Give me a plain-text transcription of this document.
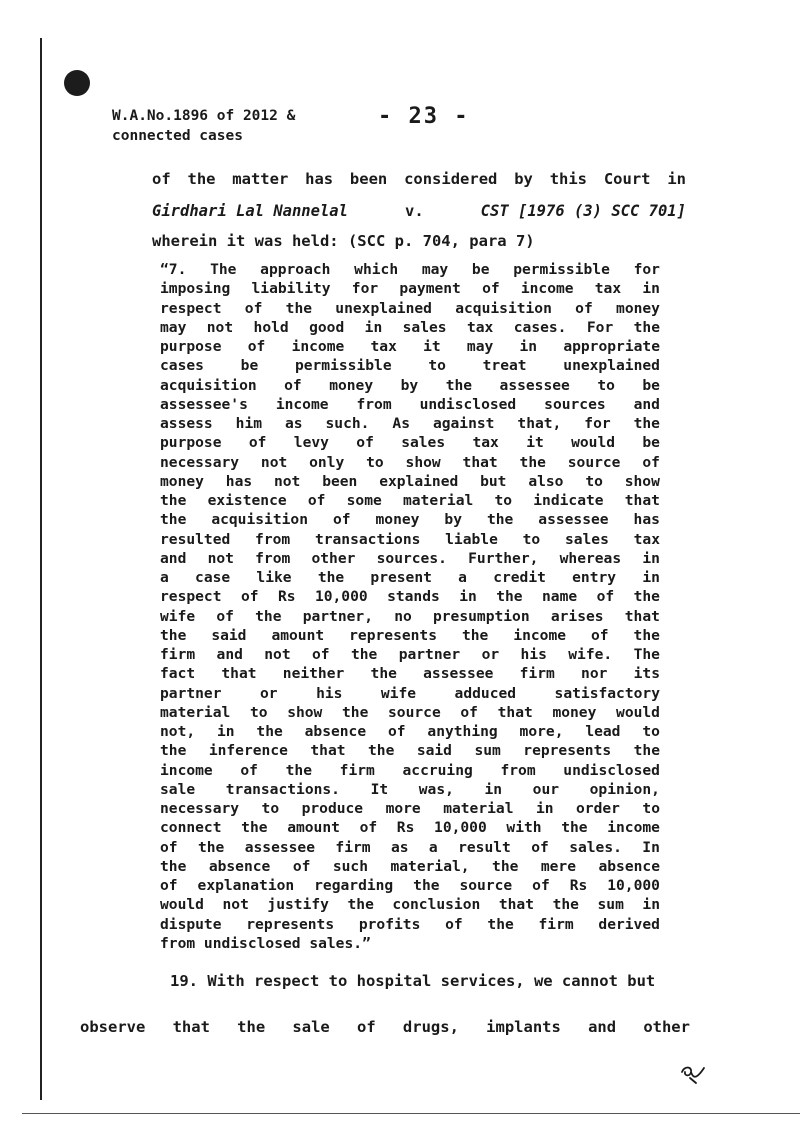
W.A.No.1896 of 2012 &
connected cases
- 23 -
of the matter has been considered by this Court in
Girdhari Lal Nannelal	v.	CST [1976 (3) SCC 701]
wherein it was held: (SCC p. 704, para 7)
“7. The approach which may be permissible for
imposing liability for payment of income tax in
respect of the unexplained acquisition of money
may not hold good in sales tax cases. For the
purpose of income tax it may in appropriate
cases	be	permissible	to	treat	unexplained
acquisition of money by the assessee to be
assessee's income from undisclosed sources and
assess him as such. As against that, for the
purpose of levy of sales tax it would be
necessary not only to show that the source of
money has not been explained but also to show
the existence of some material to indicate that
the acquisition of money by the assessee has
resulted from transactions liable to sales tax
and not from other sources. Further, whereas in
a case like the present a credit entry in
respect of Rs 10,000 stands in the name of the
wife of the partner, no presumption arises that
the said amount represents the income of the
firm and not of the partner or his wife. The
fact that neither the assessee firm nor its
partner	or	his	wife	adduced	satisfactory
material to show the source of that money would
not, in the absence of anything more, lead to
the inference that the said sum represents the
income of the firm accruing from undisclosed
sale transactions. It was, in our opinion,
necessary to produce more material in order to
connect the amount of Rs 10,000 with the income
of the assessee firm as a result of sales. In
the absence of such material, the mere absence
of explanation regarding the source of Rs 10,000
would not justify the conclusion that the sum in
dispute represents profits of the firm derived
from undisclosed sales.”
19. With respect to hospital services, we cannot but
observe that the sale of drugs, implants and other
